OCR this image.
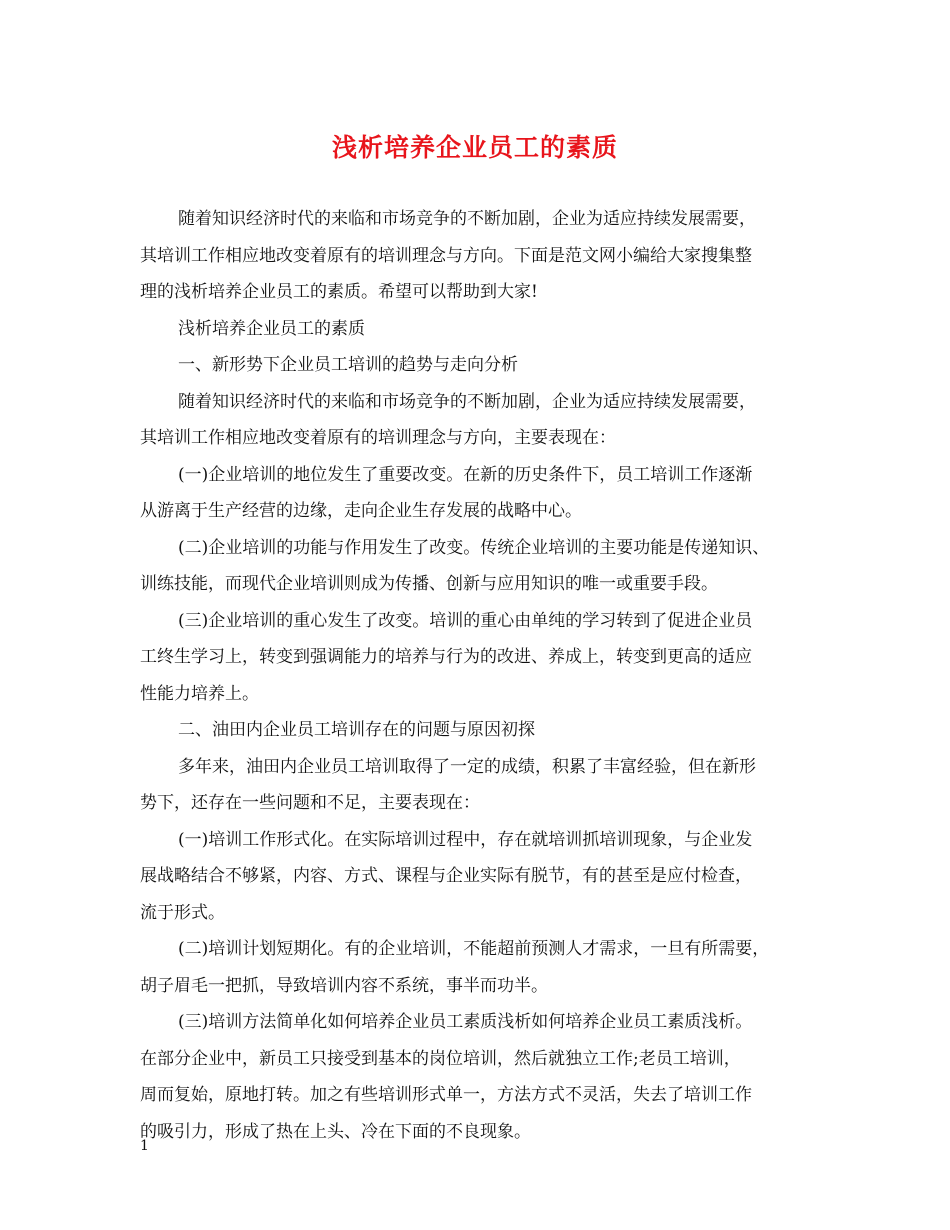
浅析培养企业员工的素质
随着知识经济时代的来临和市场竞争的不断加剧，企业为适应持续发展需要，
其培训工作相应地改变着原有的培训理念与方向。下面是范文网小编给大家搜集整
理的浅析培养企业员工的素质。希望可以帮助到大家!
浅析培养企业员工的素质
一、新形势下企业员工培训的趋势与走向分析
随着知识经济时代的来临和市场竞争的不断加剧，企业为适应持续发展需要，
其培训工作相应地改变着原有的培训理念与方向，主要表现在：
(一)企业培训的地位发生了重要改变。在新的历史条件下，员工培训工作逐渐
从游离于生产经营的边缘，走向企业生存发展的战略中心。
(二)企业培训的功能与作用发生了改变。传统企业培训的主要功能是传递知识、
训练技能，而现代企业培训则成为传播、创新与应用知识的唯一或重要手段。
(三)企业培训的重心发生了改变。培训的重心由单纯的学习转到了促进企业员
工终生学习上，转变到强调能力的培养与行为的改进、养成上，转变到更高的适应
性能力培养上。
二、油田内企业员工培训存在的问题与原因初探
多年来，油田内企业员工培训取得了一定的成绩，积累了丰富经验，但在新形
势下，还存在一些问题和不足，主要表现在：
(一)培训工作形式化。在实际培训过程中，存在就培训抓培训现象，与企业发
展战略结合不够紧，内容、方式、课程与企业实际有脱节，有的甚至是应付检查，
流于形式。
(二)培训计划短期化。有的企业培训，不能超前预测人才需求，一旦有所需要，
胡子眉毛一把抓，导致培训内容不系统，事半而功半。
(三)培训方法简单化如何培养企业员工素质浅析如何培养企业员工素质浅析。
在部分企业中，新员工只接受到基本的岗位培训，然后就独立工作;老员工培训，
周而复始，原地打转。加之有些培训形式单一，方法方式不灵活，失去了培训工作
的吸引力，形成了热在上头、冷在下面的不良现象。
1
